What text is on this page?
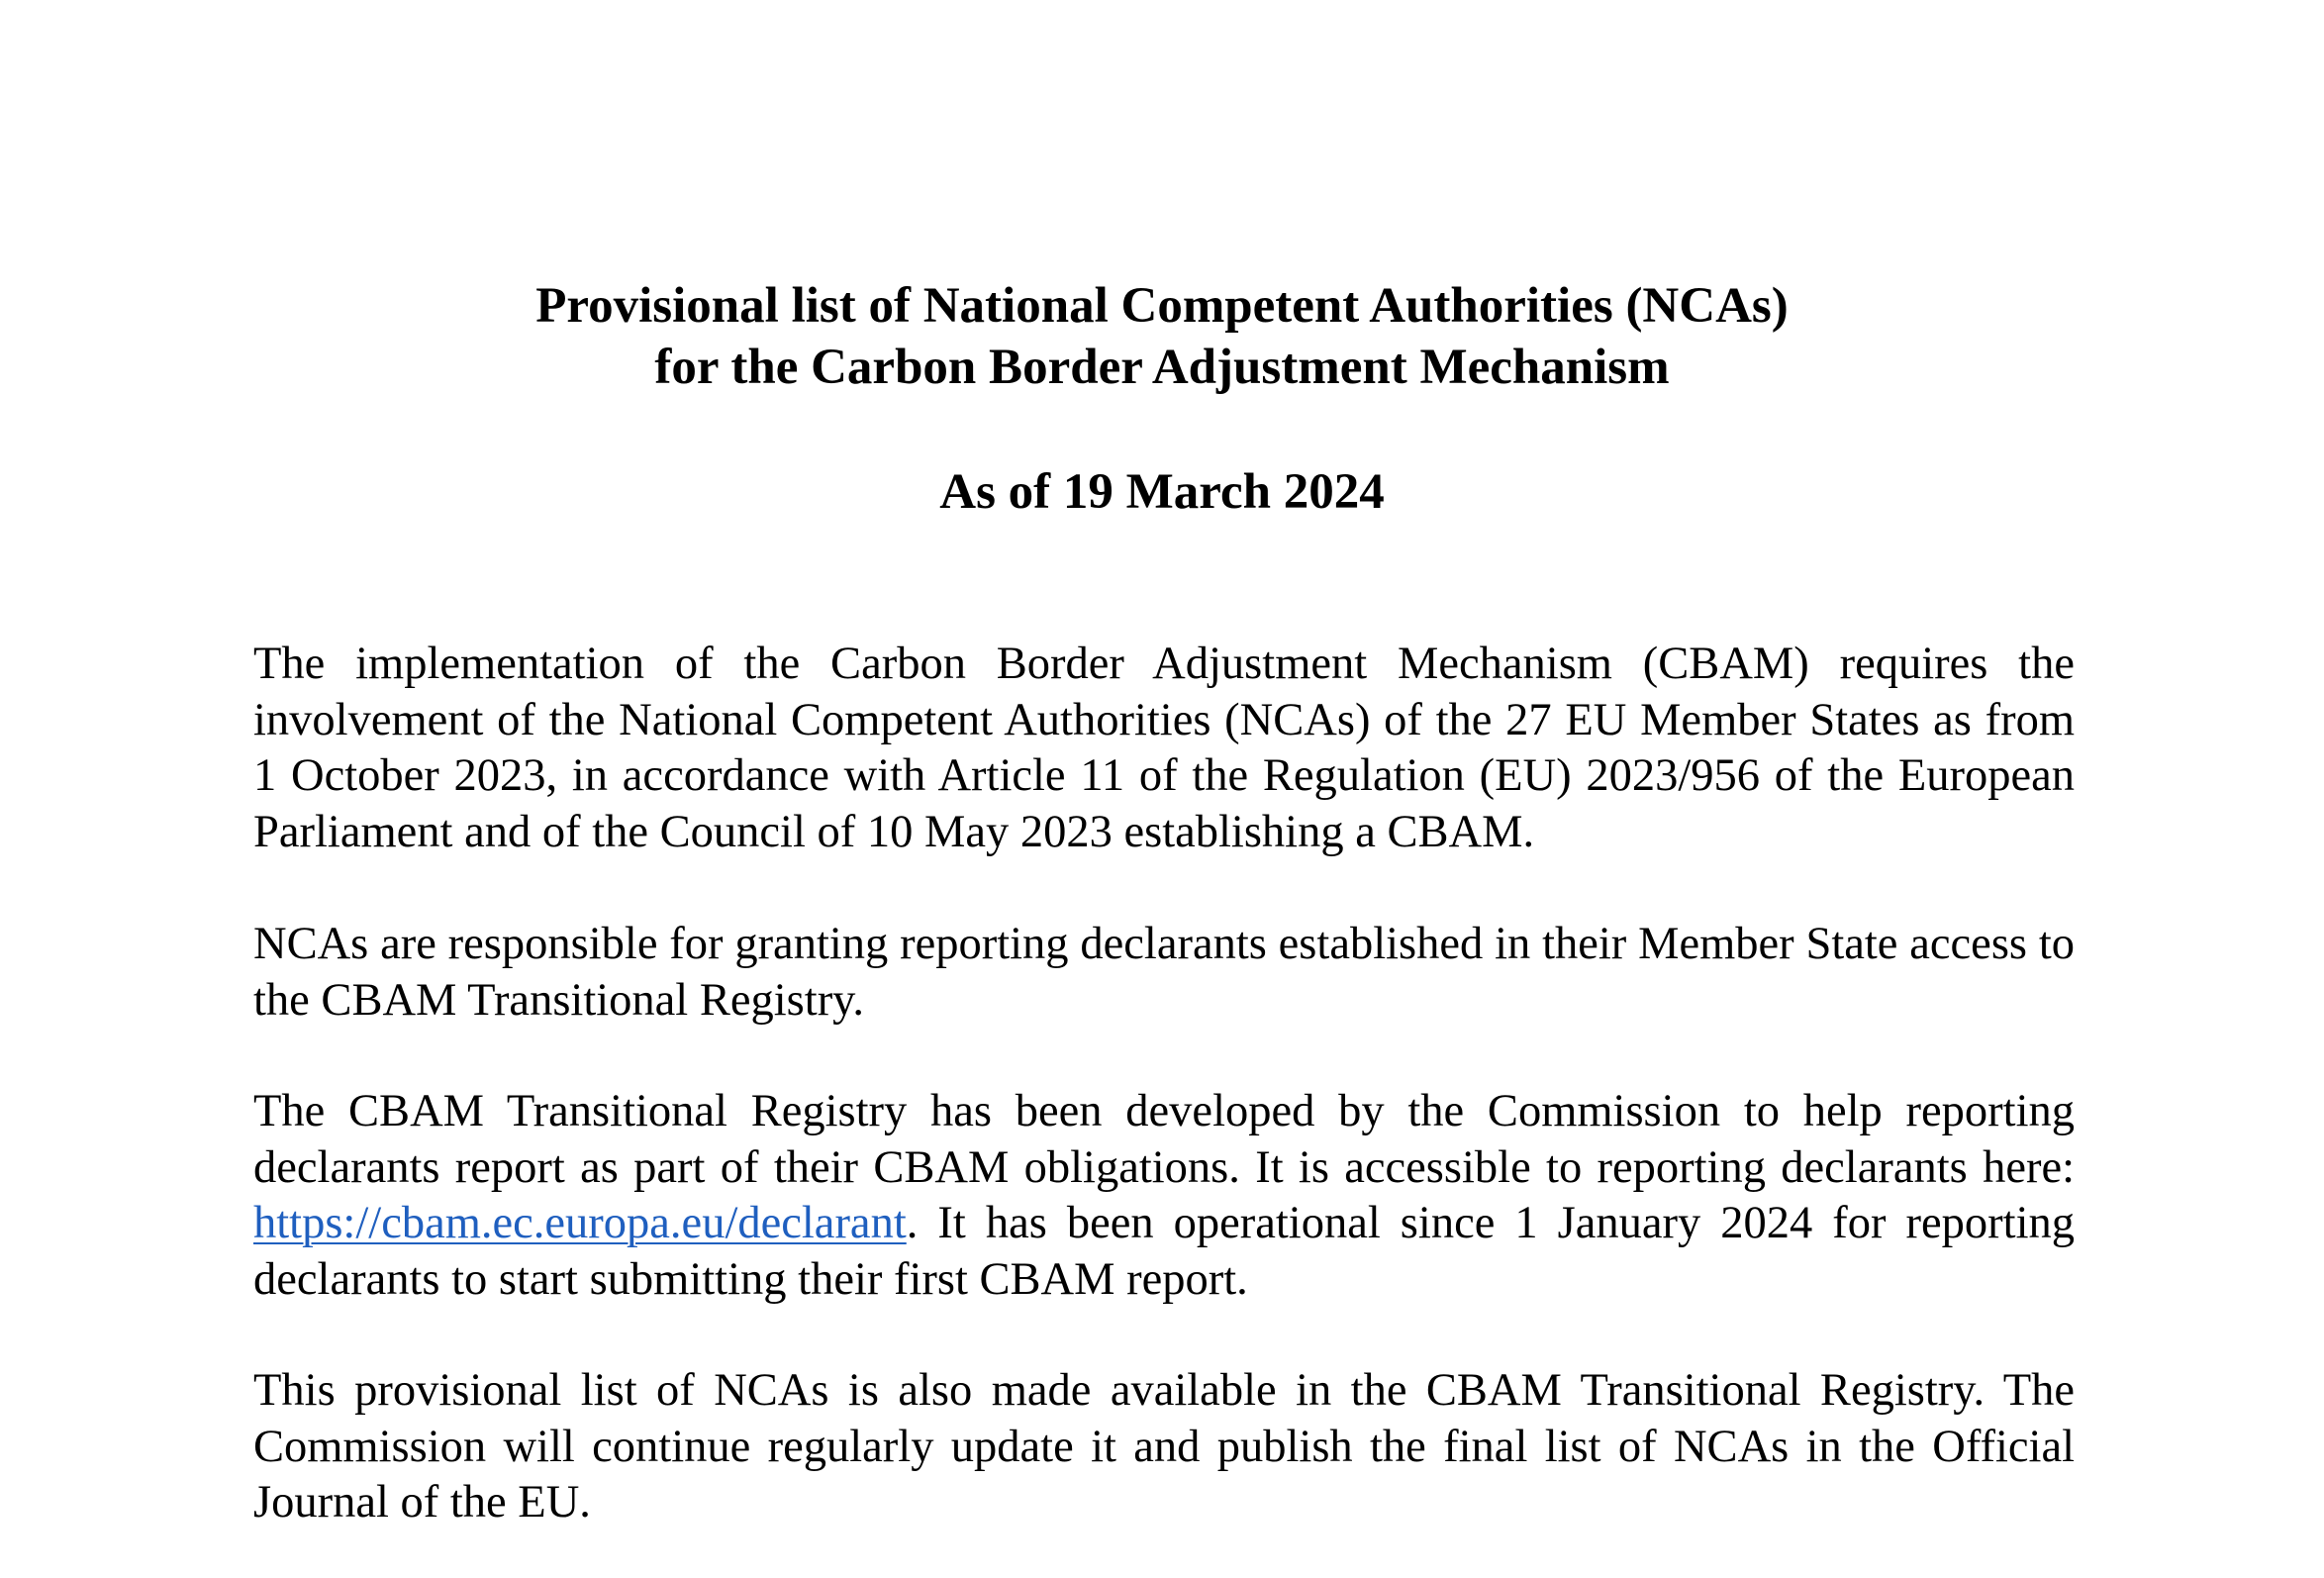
Provisional list of National Competent Authorities (NCAs)

for the Carbon Border Adjustment Mechanism

As of 19 March 2024

The implementation of the Carbon Border Adjustment Mechanism (CBAM) requires the involvement of the National Competent Authorities (NCAs) of the 27 EU Member States as from 1 October 2023, in accordance with Article 11 of the Regulation (EU) 2023/956 of the European Parliament and of the Council of 10 May 2023 establishing a CBAM.

NCAs are responsible for granting reporting declarants established in their Member State access to the CBAM Transitional Registry.

The CBAM Transitional Registry has been developed by the Commission to help reporting declarants report as part of their CBAM obligations. It is accessible to reporting declarants here: https://cbam.ec.europa.eu/declarant. It has been operational since 1 January 2024 for reporting declarants to start submitting their first CBAM report.

This provisional list of NCAs is also made available in the CBAM Transitional Registry. The Commission will continue regularly update it and publish the final list of NCAs in the Official Journal of the EU.
